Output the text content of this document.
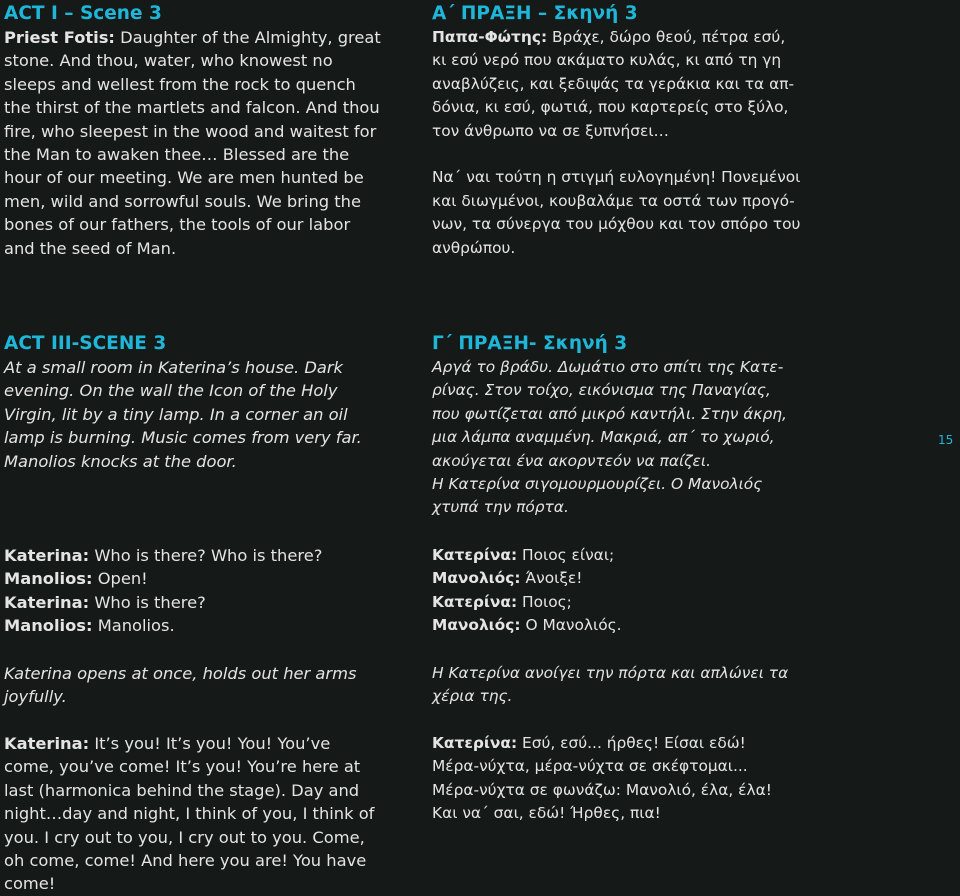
ACT I – Scene 3

Priest Fotis: Daughter of the Almighty, great stone. And thou, water, who knowest no sleeps and wellest from the rock to quench the thirst of the martlets and falcon. And thou fire, who sleepest in the wood and waitest for the Man to awaken thee… Blessed are the hour of our meeting. We are men hunted be men, wild and sorrowful souls. We bring the bones of our fathers, the tools of our labor and the seed of Man.

ACT III-SCENE 3

At a small room in Katerina’s house. Dark evening. On the wall the Icon of the Holy Virgin, lit by a tiny lamp. In a corner an oil lamp is burning. Music comes from very far. Manolios knocks at the door.

Katerina: Who is there? Who is there?

Manolios: Open!

Katerina: Who is there?

Manolios: Manolios.

Katerina opens at once, holds out her arms joyfully.

Katerina: It’s you! It’s you! You! You’ve come, you’ve come! It’s you! You’re here at last (harmonica behind the stage). Day and night…day and night, I think of you, I think of you. I cry out to you, I cry out to you. Come, oh come, come! And here you are! You have come!

Α΄ ΠΡΑΞΗ – Σκηνή 3

Παπα-Φώτης: Βράχε, δώρο θεού, πέτρα εσύ,
κι εσύ νερό που ακάματο κυλάς, κι από τη γη
αναβλύζεις, και ξεδιψάς τα γεράκια και τα απ-
δόνια, κι εσύ, φωτιά, που καρτερείς στο ξύλο,
τον άνθρωπο να σε ξυπνήσει…

Να΄ ναι τούτη η στιγμή ευλογημένη! Πονεμένοι
και διωγμένοι, κουβαλάμε τα οστά των προγό-
νων, τα σύνεργα του μόχθου και τον σπόρο του
ανθρώπου.

Γ΄ ΠΡΑΞΗ- Σκηνή 3

Αργά το βράδυ. Δωμάτιο στο σπίτι της Κατε-
ρίνας. Στον τοίχο, εικόνισμα της Παναγίας,
που φωτίζεται από μικρό καντήλι. Στην άκρη,
μια λάμπα αναμμένη. Μακριά, απ΄ το χωριό,
ακούγεται ένα ακορντεόν να παίζει.
Η Κατερίνα σιγομουρμουρίζει. Ο Μανολιός
χτυπά την πόρτα.

Κατερίνα: Ποιος είναι;

Μανολιός: Άνοιξε!

Κατερίνα: Ποιος;

Μανολιός: Ο Μανολιός.

Η Κατερίνα ανοίγει την πόρτα και απλώνει τα
χέρια της.

Κατερίνα: Εσύ, εσύ... ήρθες! Είσαι εδώ!
Μέρα-νύχτα, μέρα-νύχτα σε σκέφτομαι...
Μέρα-νύχτα σε φωνάζω: Μανολιό, έλα, έλα!
Και να΄ σαι, εδώ! Ήρθες, πια!

15
